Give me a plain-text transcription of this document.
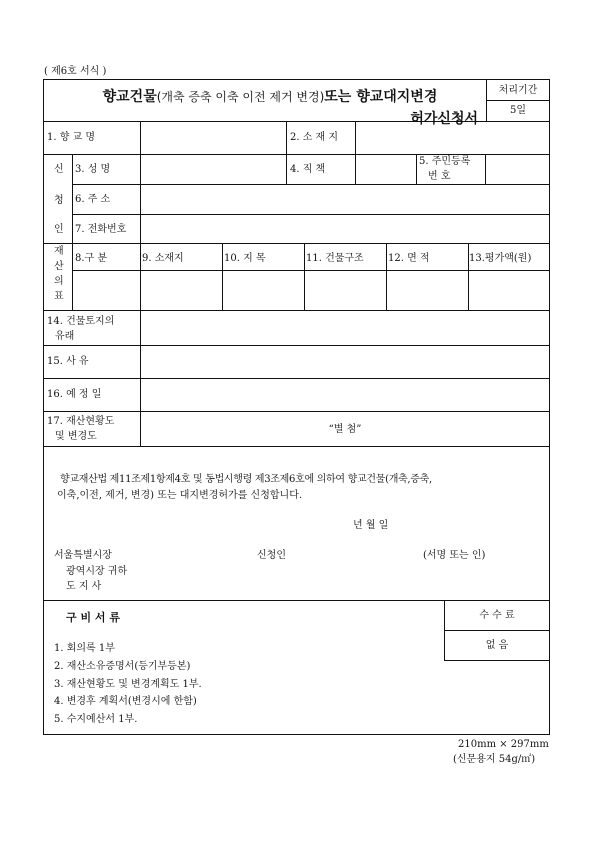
( 제6호 서식 )
향교건물(개축 증축 이축 이전 제거 변경)또는 향교대지변경
허가신청서
처리기간
5일
1. 향 교 명	2. 소 재 지
신
청
인
3. 성 명	4. 직 책
5. 주민등록
번 호
6. 주 소
7. 전화번호
재
산
의
표
8.구 분	9. 소재지	10. 지 목	11. 건물구조 12. 면 적	13.평가액(원)
14. 건물토지의
유래
15. 사 유
16. 예 정 일
17. 재산현황도
및 변경도
“별 첨”
향교재산법 제11조제1항제4호 및 동법시행령 제3조제6호에 의하여 향교건물(개축,증축,
이축,이전, 제거, 변경) 또는 대지변경허가를 신청합니다.
년 월 일
서울특별시장
광역시장 귀하
도 지 사
신청인	(서명 또는 인)
구 비 서 류
1. 회의록 1부
2. 재산소유증명서(등기부등본)
3. 재산현황도 및 변경계획도 1부.
4. 변경후 계획서(변경시에 한함)
5. 수지예산서 1부.
수 수 료
없 음
210mm × 297mm
(신문용지 54g/㎡)
